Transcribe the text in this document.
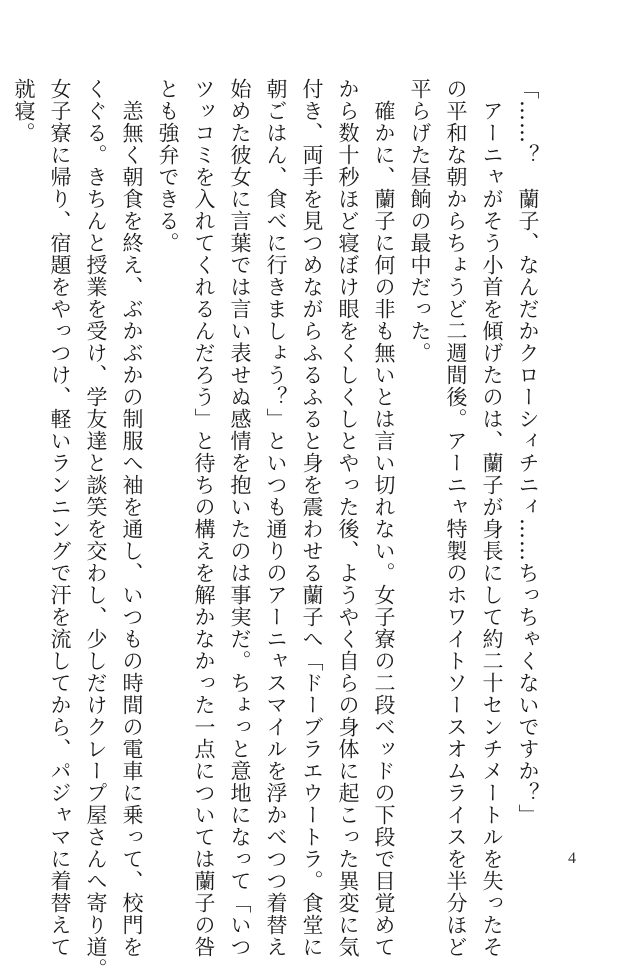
「……？　蘭子、なんだかクローシィチニィ……ちっちゃくないですか？」

　アーニャがそう小首を傾げたのは、蘭子が身長にして約二十センチメートルを失ったそ

の平和な朝からちょうど二週間後。アーニャ特製のホワイトソースオムライスを半分ほど

平らげた昼餉の最中だった。

　確かに、蘭子に何の非も無いとは言い切れない。女子寮の二段ベッドの下段で目覚めて

から数十秒ほど寝ぼけ眼をくしくしとやった後、ようやく自らの身体に起こった異変に気

付き、両手を見つめながらふるふると身を震わせる蘭子へ「ドーブラエウートラ。食堂に

朝ごはん、食べに行きましょう？」といつも通りのアーニャスマイルを浮かべつつ着替え

始めた彼女に言葉では言い表せぬ感情を抱いたのは事実だ。ちょっと意地になって「いつ

ツッコミを入れてくれるんだろう」と待ちの構えを解かなかった一点については蘭子の咎

とも強弁できる。

　恙無く朝食を終え、ぶかぶかの制服へ袖を通し、いつもの時間の電車に乗って、校門を

くぐる。きちんと授業を受け、学友達と談笑を交わし、少しだけクレープ屋さんへ寄り道。

女子寮に帰り、宿題をやっつけ、軽いランニングで汗を流してから、パジャマに着替えて

就寝。

4
